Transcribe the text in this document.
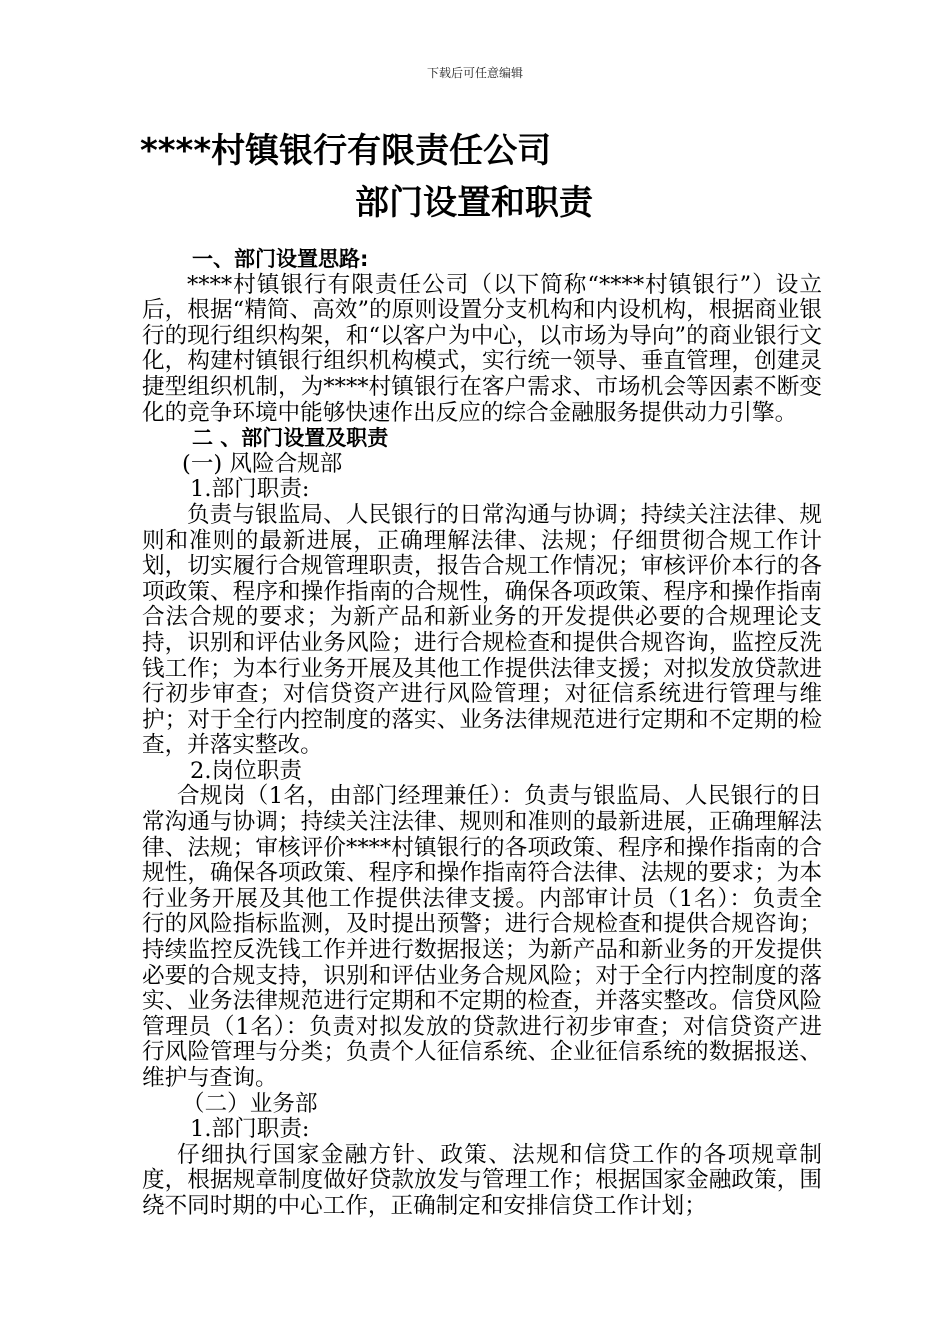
下载后可任意编辑
****村镇银行有限责任公司
部门设置和职责

一、部门设置思路:

****村镇银行有限责任公司（以下简称“****村镇银行”）设立后，根据“精简、高效”的原则设置分支机构和内设机构，根据商业银行的现行组织构架，和“以客户为中心，以市场为导向”的商业银行文化，构建村镇银行组织机构模式，实行统一领导、垂直管理，创建灵捷型组织机制，为****村镇银行在客户需求、市场机会等因素不断变化的竞争环境中能够快速作出反应的综合金融服务提供动力引擎。

二 、部门设置及职责

(一) 风险合规部

1.部门职责:

负责与银监局、人民银行的日常沟通与协调；持续关注法律、规则和准则的最新进展，正确理解法律、法规；仔细贯彻合规工作计划，切实履行合规管理职责，报告合规工作情况；审核评价本行的各项政策、程序和操作指南的合规性，确保各项政策、程序和操作指南合法合规的要求；为新产品和新业务的开发提供必要的合规理论支持，识别和评估业务风险；进行合规检查和提供合规咨询，监控反洗钱工作；为本行业务开展及其他工作提供法律支援；对拟发放贷款进行初步审查；对信贷资产进行风险管理；对征信系统进行管理与维护；对于全行内控制度的落实、业务法律规范进行定期和不定期的检查，并落实整改。

2.岗位职责

合规岗（1名，由部门经理兼任）：负责与银监局、人民银行的日常沟通与协调；持续关注法律、规则和准则的最新进展，正确理解法律、法规；审核评价****村镇银行的各项政策、程序和操作指南的合规性，确保各项政策、程序和操作指南符合法律、法规的要求；为本行业务开展及其他工作提供法律支援。内部审计员（1名）：负责全行的风险指标监测，及时提出预警；进行合规检查和提供合规咨询；持续监控反洗钱工作并进行数据报送；为新产品和新业务的开发提供必要的合规支持，识别和评估业务合规风险；对于全行内控制度的落实、业务法律规范进行定期和不定期的检查，并落实整改。信贷风险管理员（1名）：负责对拟发放的贷款进行初步审查；对信贷资产进行风险管理与分类；负责个人征信系统、企业征信系统的数据报送、维护与查询。

（二）业务部

1.部门职责:

仔细执行国家金融方针、政策、法规和信贷工作的各项规章制度，根据规章制度做好贷款放发与管理工作；根据国家金融政策，围绕不同时期的中心工作，正确制定和安排信贷工作计划；
